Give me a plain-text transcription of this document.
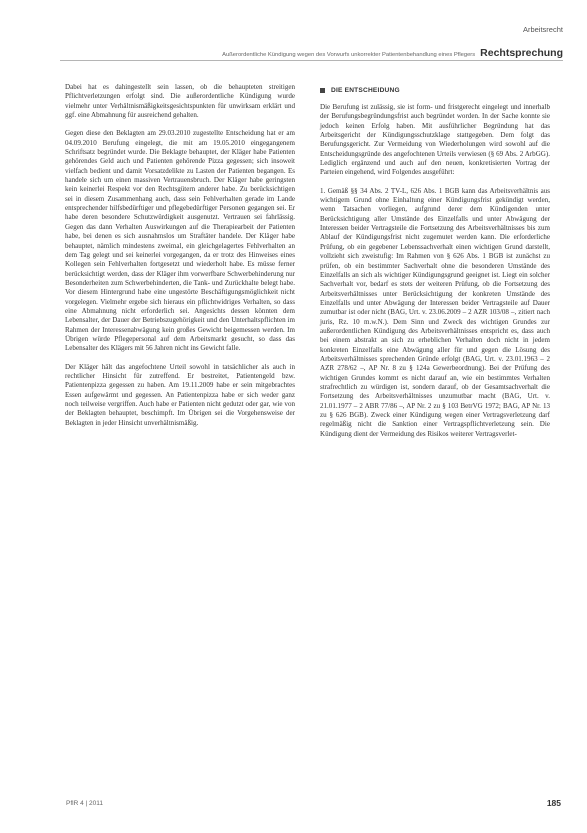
Arbeitsrecht
Außerordentliche Kündigung wegen des Vorwurfs unkorrekter Patientenbehandlung eines Pflegers Rechtsprechung

Dabei hat es dahingestellt sein lassen, ob die behaupteten streitigen Pflichtverletzungen erfolgt sind. Die außerordentliche Kündigung wurde vielmehr unter Verhältnismäßigkeitsgesichtspunkten für unwirksam erklärt und ggf. eine Abmahnung für ausreichend gehalten.

Gegen diese den Beklagten am 29.03.2010 zugestellte Entscheidung hat er am 04.09.2010 Berufung eingelegt, die mit am 19.05.2010 eingegangenem Schriftsatz begründet wurde. Die Beklagte behauptet, der Kläger habe Patienten gehörendes Geld auch und Patienten gehörende Pizza gegessen; sich insoweit vielfach bedient und damit Vorsatzdelikte zu Lasten der Patienten begangen. Es handele sich um einen massiven Vertrauensbruch. Der Kläger habe geringsten kein keinerlei Respekt vor den Rechtsgütern anderer habe. Zu berücksichtigen sei in diesem Zusammenhang auch, dass sein Fehlverhalten gerade im Lande entsprechender hilfsbedürftiger und pflegebedürftiger Personen gegangen sei. Er habe deren besondere Schutzwürdigkeit ausgenutzt. Vertrauen sei fahrlässig. Gegen das dann Verhalten Auswirkungen auf die Therapiearbeit der Patienten habe, bei denen es sich ausnahmslos um Straftäter handele. Der Kläger habe behauptet, nämlich mindestens zweimal, ein gleichgelagertes Fehlverhalten an dem Tag gelegt und sei keinerlei vorgegangen, da er trotz des Hinweises eines Kollegen sein Fehlverhalten fortgesetzt und wiederholt habe. Es müsse ferner berücksichtigt werden, dass der Kläger ihm vorwerfbare Schwerbehinderung nur Besonderheiten zum Schwerbehinderten, die Tank- und Zurückhalte belegt habe. Vor diesem Hintergrund habe eine ungestörte Beschäftigungsmöglichkeit nicht vorgelegen. Vielmehr ergebe sich hieraus ein pflichtwidriges Verhalten, so dass eine Abmahnung nicht erforderlich sei. Angesichts dessen könnten dem Lebensalter, der Dauer der Betriebszugehörigkeit und den Unterhaltspflichten im Rahmen der Interessenabwägung kein großes Gewicht beigemessen werden. Im Übrigen würde Pflegepersonal auf dem Arbeitsmarkt gesucht, so dass das Lebensalter des Klägers mit 56 Jahren nicht ins Gewicht falle.

Der Kläger hält das angefochtene Urteil sowohl in tatsächlicher als auch in rechtlicher Hinsicht für zutreffend. Er bestreitet, Patientengeld bzw. Patientenpizza gegessen zu haben. Am 19.11.2009 habe er sein mitgebrachtes Essen aufgewärmt und gegessen. An Patientenpizza habe er sich weder ganz noch teilweise vergriffen. Auch habe er Patienten nicht gedutzt oder gar, wie von der Beklagten behauptet, beschimpft. Im Übrigen sei die Vorgehensweise der Beklagten in jeder Hinsicht unverhältnismäßig.

DIE ENTSCHEIDUNG

Die Berufung ist zulässig, sie ist form- und fristgerecht eingelegt und innerhalb der Berufungsbegründungsfrist auch begründet worden. In der Sache konnte sie jedoch keinen Erfolg haben. Mit ausführlicher Begründung hat das Arbeitsgericht der Kündigungsschutzklage stattgegeben. Dem folgt das Berufungsgericht. Zur Vermeidung von Wiederholungen wird sowohl auf die Entscheidungsgründe des angefochtenen Urteils verwiesen (§ 69 Abs. 2 ArbGG). Lediglich ergänzend und auch auf den neuen, konkretisierten Vortrag der Parteien eingehend, wird Folgendes ausgeführt:

1. Gemäß §§ 34 Abs. 2 TV-L, 626 Abs. 1 BGB kann das Arbeitsverhältnis aus wichtigem Grund ohne Einhaltung einer Kündigungsfrist gekündigt werden, wenn Tatsachen vorliegen, aufgrund derer dem Kündigenden unter Berücksichtigung aller Umstände des Einzelfalls und unter Abwägung der Interessen beider Vertragsteile die Fortsetzung des Arbeitsverhältnisses bis zum Ablauf der Kündigungsfrist nicht zugemutet werden kann. Die erforderliche Prüfung, ob ein gegebener Lebenssachverhalt einen wichtigen Grund darstellt, vollzieht sich zweistufig: Im Rahmen von § 626 Abs. 1 BGB ist zunächst zu prüfen, ob ein bestimmter Sachverhalt ohne die besonderen Umstände des Einzelfalls an sich als wichtiger Kündigungsgrund geeignet ist. Liegt ein solcher Sachverhalt vor, bedarf es stets der weiteren Prüfung, ob die Fortsetzung des Arbeitsverhältnisses unter Berücksichtigung der konkreten Umstände des Einzelfalls und unter Abwägung der Interessen beider Vertragsteile auf Dauer zumutbar ist oder nicht (BAG, Urt. v. 23.06.2009 – 2 AZR 103/08 –, zitiert nach juris, Rz. 10 m.w.N.). Dem Sinn und Zweck des wichtigen Grundes zur außerordentlichen Kündigung des Arbeitsverhältnisses entspricht es, dass auch bei einem abstrakt an sich zu erheblichen Verhalten doch nicht in jedem konkreten Einzelfalls eine Abwägung aller für und gegen die Lösung des Arbeitsverhältnisses sprechenden Gründe erfolgt (BAG, Urt. v. 23.01.1963 – 2 AZR 278/62 –, AP Nr. 8 zu § 124a Gewerbeordnung). Bei der Prüfung des wichtigen Grundes kommt es nicht darauf an, wie ein bestimmtes Verhalten strafrechtlich zu würdigen ist, sondern darauf, ob der Gesamtsachverhalt die Fortsetzung des Arbeitsverhältnisses unzumutbar macht (BAG, Urt. v. 21.01.1977 – 2 ABR 77/86 –, AP Nr. 2 zu § 103 BetrVG 1972; BAG, AP Nr. 13 zu § 626 BGB). Zweck einer Kündigung wegen einer Vertragsverletzung darf regelmäßig nicht die Sanktion einer Vertragspflichtverletzung sein. Die Kündigung dient der Vermeidung des Risikos weiterer Vertragsverlet-

PflR 4 | 2011	185
